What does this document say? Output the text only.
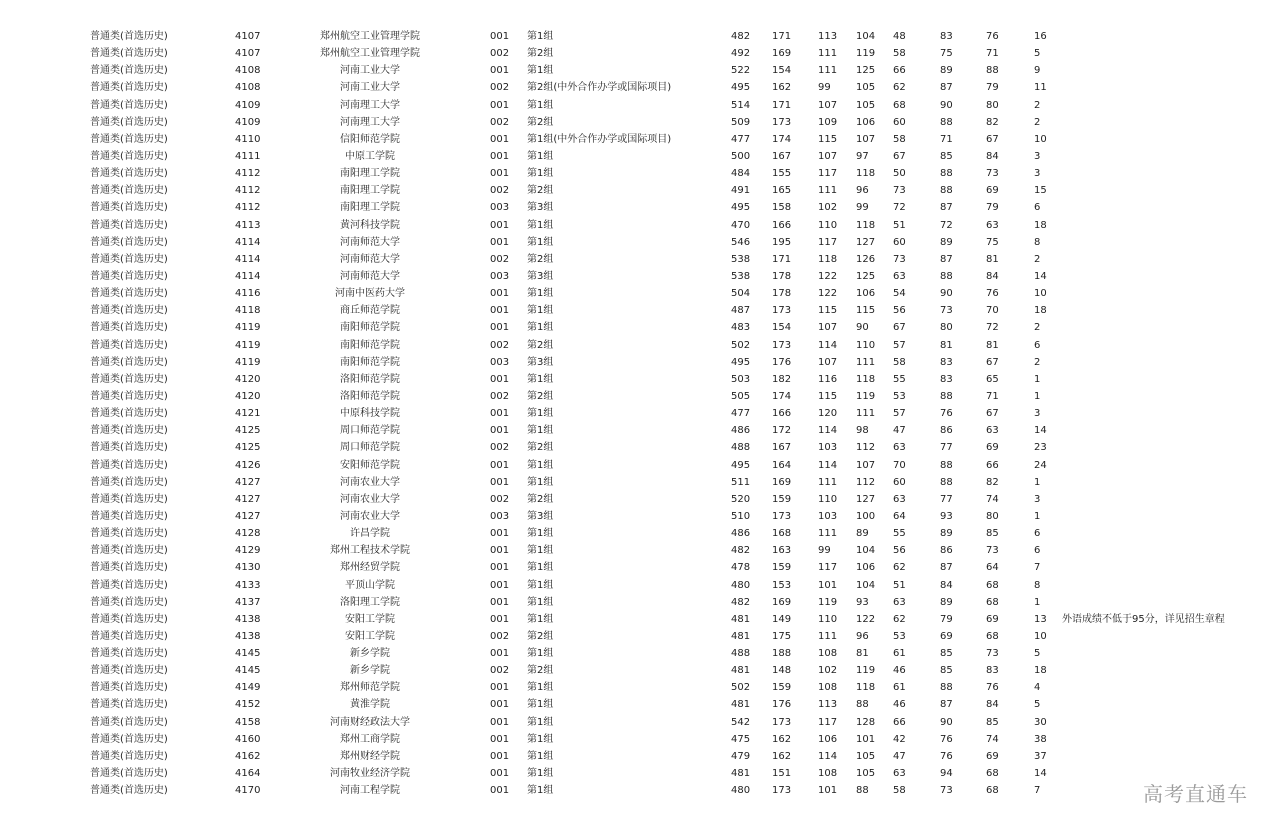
普通类(首选历史)	4107	郑州航空工业管理学院	001 第1组	482 171	113 104 48	83	76	16
普通类(首选历史)	4107	郑州航空工业管理学院	002 第2组	492 169	111 119 58	75	71	5
普通类(首选历史)	4108	河南工业大学	001 第1组	522 154	111 125 66	89	88	9
普通类(首选历史)	4108	河南工业大学	002 第2组(中外合作办学或国际项目)	495 162	99	105 62	87	79	11
普通类(首选历史)	4109	河南理工大学	001 第1组	514 171	107 105 68	90	80	2
普通类(首选历史)	4109	河南理工大学	002 第2组	509 173	109 106 60	88	82	2
普通类(首选历史)	4110	信阳师范学院	001 第1组(中外合作办学或国际项目)	477 174	115 107 58	71	67	10
普通类(首选历史)	4111	中原工学院	001 第1组	500 167	107 97 67	85	84	3
普通类(首选历史)	4112	南阳理工学院	001 第1组	484 155	117 118 50	88	73	3
普通类(首选历史)	4112	南阳理工学院	002 第2组	491 165	111 96 73	88	69	15
普通类(首选历史)	4112	南阳理工学院	003 第3组	495 158	102 99 72	87	79	6
普通类(首选历史)	4113	黄河科技学院	001 第1组	470 166	110 118 51	72	63	18
普通类(首选历史)	4114	河南师范大学	001 第1组	546 195	117 127 60	89	75	8
普通类(首选历史)	4114	河南师范大学	002 第2组	538 171	118 126 73	87	81	2
普通类(首选历史)	4114	河南师范大学	003 第3组	538 178	122 125 63	88	84	14
普通类(首选历史)	4116	河南中医药大学	001 第1组	504 178	122 106 54	90	76	10
普通类(首选历史)	4118	商丘师范学院	001 第1组	487 173	115 115 56	73	70	18
普通类(首选历史)	4119	南阳师范学院	001 第1组	483 154	107 90 67	80	72	2
普通类(首选历史)	4119	南阳师范学院	002 第2组	502 173	114 110 57	81	81	6
普通类(首选历史)	4119	南阳师范学院	003 第3组	495 176	107 111 58	83	67	2
普通类(首选历史)	4120	洛阳师范学院	001 第1组	503 182	116 118 55	83	65	1
普通类(首选历史)	4120	洛阳师范学院	002 第2组	505 174	115 119 53	88	71	1
普通类(首选历史)	4121	中原科技学院	001 第1组	477 166	120 111 57	76	67	3
普通类(首选历史)	4125	周口师范学院	001 第1组	486 172	114 98 47	86	63	14
普通类(首选历史)	4125	周口师范学院	002 第2组	488 167	103 112 63	77	69	23
普通类(首选历史)	4126	安阳师范学院	001 第1组	495 164	114 107 70	88	66	24
普通类(首选历史)	4127	河南农业大学	001 第1组	511 169	111 112 60	88	82	1
普通类(首选历史)	4127	河南农业大学	002 第2组	520 159	110 127 63	77	74	3
普通类(首选历史)	4127	河南农业大学	003 第3组	510 173	103 100 64	93	80	1
普通类(首选历史)	4128	许昌学院	001 第1组	486 168	111 89 55	89	85	6
普通类(首选历史)	4129	郑州工程技术学院	001 第1组	482 163	99	104 56	86	73	6
普通类(首选历史)	4130	郑州经贸学院	001 第1组	478 159	117 106 62	87	64	7
普通类(首选历史)	4133	平顶山学院	001 第1组	480 153	101 104 51	84	68	8
普通类(首选历史)	4137	洛阳理工学院	001 第1组	482 169	119 93 63	89	68	1
普通类(首选历史)	4138	安阳工学院	001 第1组	481 149	110 122 62	79	69	13 外语成绩不低于95分，详见招生章程
普通类(首选历史)	4138	安阳工学院	002 第2组	481 175	111 96 53	69	68	10
普通类(首选历史)	4145	新乡学院	001 第1组	488 188	108 81 61	85	73	5
普通类(首选历史)	4145	新乡学院	002 第2组	481 148	102 119 46	85	83	18
普通类(首选历史)	4149	郑州师范学院	001 第1组	502 159	108 118 61	88	76	4
普通类(首选历史)	4152	黄淮学院	001 第1组	481 176	113 88 46	87	84	5
普通类(首选历史)	4158	河南财经政法大学	001 第1组	542 173	117 128 66	90	85	30
普通类(首选历史)	4160	郑州工商学院	001 第1组	475 162	106 101 42	76	74	38
普通类(首选历史)	4162	郑州财经学院	001 第1组	479 162	114 105 47	76	69	37
普通类(首选历史)	4164	河南牧业经济学院	001 第1组	481 151	108 105 63	94	68	14
普通类(首选历史)	4170	河南工程学院	001 第1组	480 173	101 88 58	73	68	7	高考直通车
